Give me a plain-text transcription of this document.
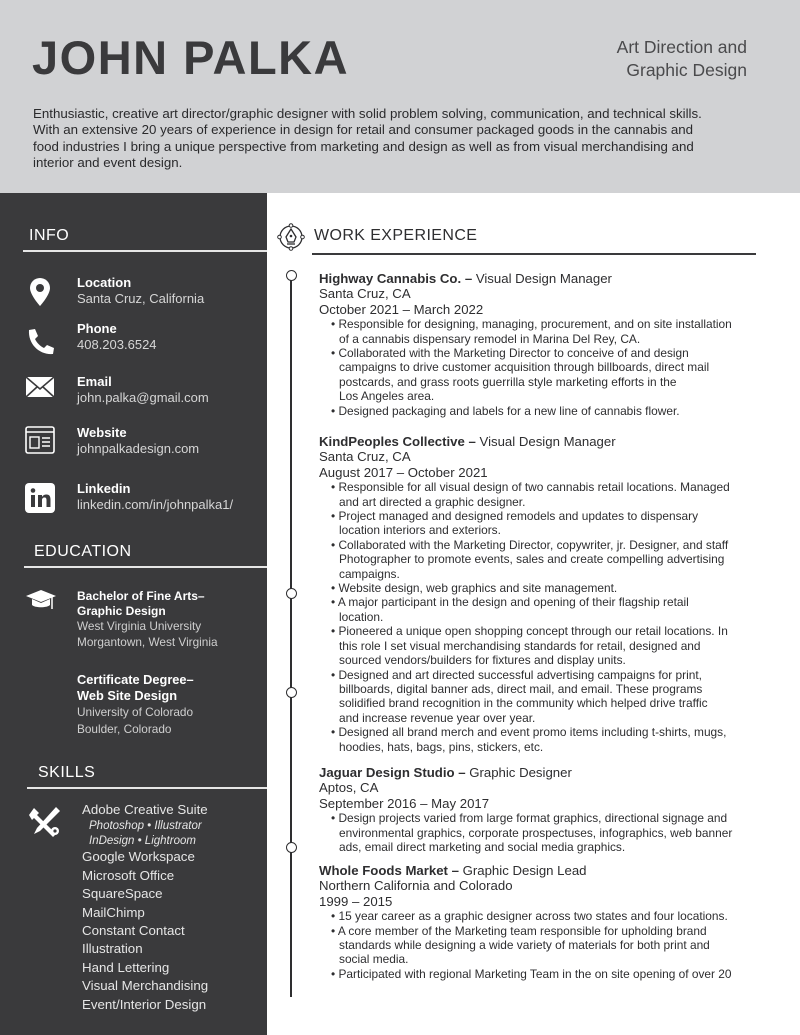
JOHN PALKA	Art Direction and
Graphic Design
Enthusiastic, creative art director/graphic designer with solid problem solving, communication, and technical skills.
With an extensive 20 years of experience in design for retail and consumer packaged goods in the cannabis and
food industries I bring a unique perspective from marketing and design as well as from visual merchandising and
interior and event design.
INFO
Location
Santa Cruz, California
Phone
408.203.6524
Email
john.palka@gmail.com
Website
johnpalkadesign.com
Linkedin
linkedin.com/in/johnpalka1/
EDUCATION
Bachelor of Fine Arts–
Graphic Design
West Virginia University
Morgantown, West Virginia
Certificate Degree–
Web Site Design
University of Colorado
Boulder, Colorado
SKILLS
Adobe Creative Suite
Photoshop • Illustrator
InDesign • Lightroom
Google Workspace
Microsoft Office
SquareSpace
MailChimp
Constant Contact
Illustration
Hand Lettering
Visual Merchandising
Event/Interior Design
WORK EXPERIENCE
Highway Cannabis Co. – Visual Design Manager
Santa Cruz, CA
October 2021 – March 2022
• Responsible for designing, managing, procurement, and on site installation
of a cannabis dispensary remodel in Marina Del Rey, CA.
• Collaborated with the Marketing Director to conceive of and design
campaigns to drive customer acquisition through billboards, direct mail
postcards, and grass roots guerrilla style marketing efforts in the
Los Angeles area.
• Designed packaging and labels for a new line of cannabis flower.
KindPeoples Collective – Visual Design Manager
Santa Cruz, CA
August 2017 – October 2021
• Responsible for all visual design of two cannabis retail locations. Managed
and art directed a graphic designer.
• Project managed and designed remodels and updates to dispensary
location interiors and exteriors.
• Collaborated with the Marketing Director, copywriter, jr. Designer, and staff
Photographer to promote events, sales and create compelling advertising
campaigns.
• Website design, web graphics and site management.
• A major participant in the design and opening of their flagship retail
location.
• Pioneered a unique open shopping concept through our retail locations. In
this role I set visual merchandising standards for retail, designed and
sourced vendors/builders for fixtures and display units.
• Designed and art directed successful advertising campaigns for print,
billboards, digital banner ads, direct mail, and email. These programs
solidified brand recognition in the community which helped drive traffic
and increase revenue year over year.
• Designed all brand merch and event promo items including t-shirts, mugs,
hoodies, hats, bags, pins, stickers, etc.
Jaguar Design Studio – Graphic Designer
Aptos, CA
September 2016 – May 2017
• Design projects varied from large format graphics, directional signage and
environmental graphics, corporate prospectuses, infographics, web banner
ads, email direct marketing and social media graphics.
Whole Foods Market – Graphic Design Lead
Northern California and Colorado
1999 – 2015
• 15 year career as a graphic designer across two states and four locations.
• A core member of the Marketing team responsible for upholding brand
standards while designing a wide variety of materials for both print and
social media.
• Participated with regional Marketing Team in the on site opening of over 20
